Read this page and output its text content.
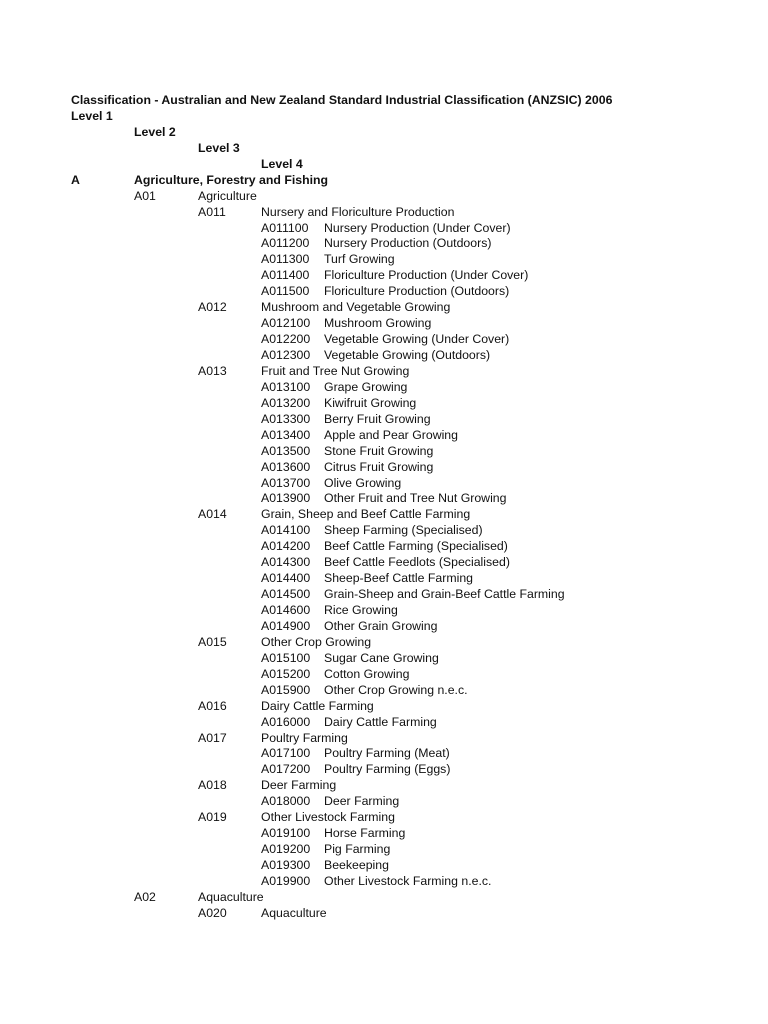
Classification - Australian and New Zealand Standard Industrial Classification (ANZSIC) 2006
Level 1
Level 2
Level 3
Level 4
A	Agriculture, Forestry and Fishing
A01	Agriculture
A011	Nursery and Floriculture Production
A011100 Nursery Production (Under Cover)
A011200 Nursery Production (Outdoors)
A011300 Turf Growing
A011400 Floriculture Production (Under Cover)
A011500 Floriculture Production (Outdoors)
A012	Mushroom and Vegetable Growing
A012100 Mushroom Growing
A012200 Vegetable Growing (Under Cover)
A012300 Vegetable Growing (Outdoors)
A013	Fruit and Tree Nut Growing
A013100 Grape Growing
A013200 Kiwifruit Growing
A013300 Berry Fruit Growing
A013400 Apple and Pear Growing
A013500 Stone Fruit Growing
A013600 Citrus Fruit Growing
A013700 Olive Growing
A013900 Other Fruit and Tree Nut Growing
A014	Grain, Sheep and Beef Cattle Farming
A014100 Sheep Farming (Specialised)
A014200 Beef Cattle Farming (Specialised)
A014300 Beef Cattle Feedlots (Specialised)
A014400 Sheep-Beef Cattle Farming
A014500 Grain-Sheep and Grain-Beef Cattle Farming
A014600 Rice Growing
A014900 Other Grain Growing
A015	Other Crop Growing
A015100 Sugar Cane Growing
A015200 Cotton Growing
A015900 Other Crop Growing n.e.c.
A016	Dairy Cattle Farming
A016000 Dairy Cattle Farming
A017	Poultry Farming
A017100 Poultry Farming (Meat)
A017200 Poultry Farming (Eggs)
A018	Deer Farming
A018000 Deer Farming
A019	Other Livestock Farming
A019100 Horse Farming
A019200 Pig Farming
A019300 Beekeeping
A019900 Other Livestock Farming n.e.c.
A02	Aquaculture
A020	Aquaculture
